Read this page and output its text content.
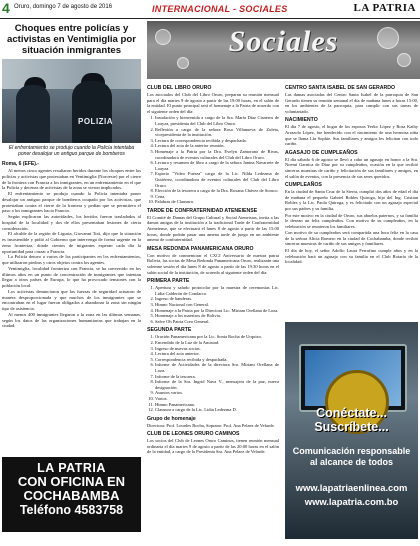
4 Oruro, domingo 7 de agosto de 2016	INTERNACIONAL - SOCIALES	LA PATRIA
Choques entre policías y activistas en Ventimiglia por situación inmigrantes
POLIZIA
El enfrentamiento se produjo cuando la Policía intentaba poner desalojar un antiguo parque de bomberos
Roma, 6 (EFE).-

Al menos cinco agentes resultaron heridos durante los choques entre los policías y activistas que protestaban en Ventimiglia (Noroeste) por el cierre de la frontera con Francia a los inmigrantes, en un enfrentamiento en el que la Policía y decenas de activistas de la zona se vieron implicados.

El enfrentamiento se produjo cuando la Policía intentaba poner desalojar un antiguo parque de bomberos ocupado por los activistas, que protestaban contra el cierre de la frontera y pedían que se permitiera el paso a los inmigrantes hacia Francia.

Según explicaron las autoridades, los heridos fueron trasladados al hospital de la localidad y dos de ellos presentaban lesiones de cierta consideración.

El alcalde de la región de Liguria, Giovanni Toti, dijo que la situación es insostenible y pidió al Gobierno que intervenga de forma urgente en la zona fronteriza, donde cientos de migrantes esperan cada día la oportunidad para cruzar a Francia.

La Policía detuvo a varios de los participantes en los enfrentamientos, que utilizaron piedras y otros objetos contra los agentes.

Ventimiglia, localidad fronteriza con Francia, se ha convertido en los últimos años en un punto de concentración de inmigrantes que intentan llegar a otros países de Europa, lo que ha provocado tensiones con la población local.

Los activistas denunciaron que las fuerzas de seguridad actuaron de manera desproporcionada y que muchos de los inmigrantes que se encontraban en el lugar fueron obligados a abandonar la zona sin ningún tipo de asistencia.

Al menos 400 inmigrantes llegaron a la zona en las últimas semanas, según los datos de las organizaciones humanitarias que trabajan en la ciudad.

LA PATRIA
CON OFICINA EN
COCHABAMBA
Teléfono 4583758
Sociales
CLUB DEL LIBRO ORURO

Los asociados del Club del Libro Oruro, preparan su reunión mensual para el día martes 9 de agosto a partir de las 19:00 horas, en el salón de la entidad. El punto principal será el homenaje a la Patria de acuerdo con el siguiente orden del día:

1. Instalación y bienvenida a cargo de la Sra. María Díaz Cisneros de Loayza, presidenta del Club del Libro Oruro.
2. Reflexión a cargo de la señora Rosa Villanueva de Zuleta, vicepresidenta de la institución.
3. Lectura de correspondencia recibida y despachada.
4. Lectura del acta de la anterior reunión.
5. Homenaje a la Patria por la Dra. Evelyn Zamorano de Rivas, coordinadora de eventos culturales del Club del Libro Oruro.
6. Lectura y resumen de libro a cargo de la señora Janina Navarrete de Loayza.
7. Espacio "Video Fuerza" cargo de la Lic. Nilda Ledezma de Gutiérrez, coordinadora de eventos culturales del Club del Libro Oruro.
8. Elección de la tesorera a cargo de la Dra. Roxana Chávez de Soruco.
9. Cena.
10. Palabras de Clausura.
TARDE DE CONFRATERNIDAD ATENEIENSE

El Comité de Damas del Grupo Cultural y Social Ateneistas, invita a las damas amigas de la institución a la tradicional Tarde de Confraternidad Ateneiense, que se efectuará el lunes 8 de agosto a partir de las 15:00 horas, donde podrán pasar una amena tarde de juego en un ambiente ameno de confraternidad.

MESA REDONDA PANAMERICANA ORURO

Con motivo de conmemorar el CXCI Aniversario de nuestra patria Bolivia, las socias de Mesa Redonda Panamericana Oruro, realizarán una solemne sesión el día lunes 8 de agosto a partir de las 19:30 horas en el salón social de la institución, de acuerdo al siguiente orden del día:

PRIMERA PARTE
1. Apertura y saludo protocolar por la maestra de ceremonias Lic. Lidia Calderón de Condarco.
2. Ingreso de banderas.
3. Himno Nacional con General.
4. Homenaje a la Patria por la Directora Lic. Miriam Orellana de Loza.
5. Homenaje a los maestros de Bolivia.
6. Salve Oh Patria Creo General.
SEGUNDA PARTE
1. Oración Panamericana por la Lic. Sonia Rocha de Urquizo.
2. Encendido de la Luz de la Amistad.
3. Ingreso de nuevas socias.
4. Lectura del acta anterior.
5. Correspondencia recibida y despachada.
6. Informe de Actividades de la directora Sra. Miriam Orellana de Loza.
7. Informe de la tesorera.
8. Informe de la Sra. Ingrid Nava V., mensajera de la paz, nueva designación.
9. Asuntos varios.
10. Varios.
11. Himno Panamericano.
12. Clausura a cargo de la Lic. Lidia Ledezma D.
Grupo de homenaje

Directora: Prof. Lourdes Rocha, Soprano: Prof. Ana Pelaez de Velarde.

CLUB DE LEONES ORURO CAMINOS

Los socios del Club de Leones Oruro Caminos, tienen reunión mensual ordinaria el día martes 9 de agosto a partir de las 20:00 horas en el salón de la entidad, a cargo de la Presidenta Sra. Ana Pelaez de Velarde.

CENTRO SANTA ISABEL DE SAN GERARDO

Las damas asociadas del Centro Santa Isabel de la parroquia de San Gerardo tienen su reunión semanal el día de mañana lunes a horas 15:00, en los ambientes de la parroquia, para cumplir con sus tareas de voluntariado.

NACIMIENTO

El día 7 de agosto, el hogar de los esposos Yerko López y Rosa Kathy Arrazola López, fue bendecido con el nacimiento de una hermosa niña que se llama Lía Sophie. Sus familiares y amigos les felicitan con todo cariño.

AGASAJO DE CUMPLEAÑOS

El día sábado 6 de agosto se llevó a cabo un agasajo en honor a la Sra. Noemí Garnica de Díaz por su cumpleaños, ocasión en la que recibió sinceras muestras de cariño y felicitación de sus familiares y amigos, en el salón de eventos, con la presencia de sus seres queridos.

CUMPLEAÑOS

En la ciudad de Santa Cruz de la Sierra, cumplió dos años de edad el día de mañana el pequeño Gabriel Robles Quiroga, hijo del Ing. Cristian Robles y la Lic. Paola Quiroga, y es felicitado con un agasajo especial por sus padres y su familia.

Por este motivo en la ciudad de Oruro, sus abuelos paternos, y su familia le desean un feliz cumpleaños. Con motivo de su cumpleaños, en la celebración se reunieron los familiares.

Con motivo de su cumpleaños será compartida una hora feliz en la casa de la señora Alicia Romero en la ciudad de Cochabamba, donde recibió sinceras muestras de cariño de sus amigos y familiares.

El día de hoy, el señor Adolfo Laura Ferrufino cumple años y en la celebración hará un agasajo con su familia en el Club Rotario de la localidad.

Conéctate...
Suscríbete...
Comunicación responsable
al alcance de todos
www.lapatriaenlinea.com
www.lapatria.com.bo
